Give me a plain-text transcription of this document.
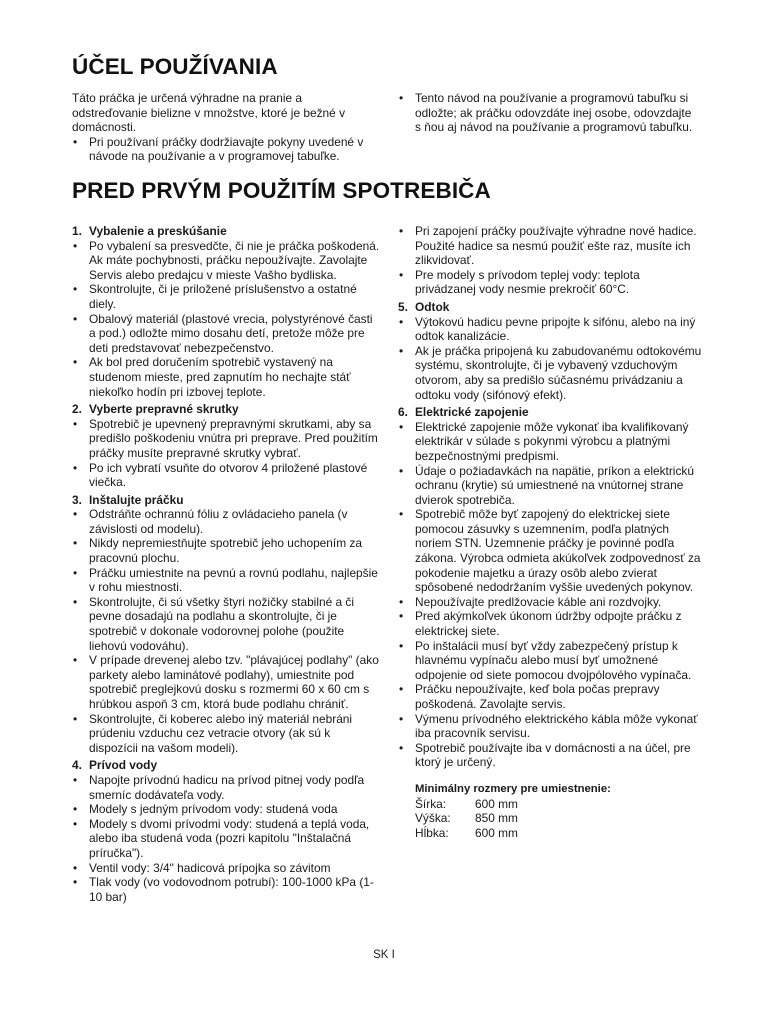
ÚČEL POUŽÍVANIA

Táto práčka je určená výhradne na pranie a odstreďovanie bielizne v množstve, ktoré je bežné v domácnosti.

• Pri používaní práčky dodržiavajte pokyny uvedené v návode na používanie a v programovej tabuľke.
• Tento návod na používanie a programovú tabuľku si odložte; ak práčku odovzdáte inej osobe, odovzdajte s ňou aj návod na používanie a programovú tabuľku.
PRED PRVÝM POUŽITÍM SPOTREBIČA
1. Vybalenie a preskúšanie
• Po vybalení sa presvedčte, či nie je práčka poškodená. Ak máte pochybnosti, práčku nepoužívajte. Zavolajte Servis alebo predajcu v mieste Vašho bydliska.
• Skontrolujte, či je priložené príslušenstvo a ostatné diely.
• Obalový materiál (plastové vrecia, polystyrénové časti a pod.) odložte mimo dosahu detí, pretože môže pre deti predstavovať nebezpečenstvo.
• Ak bol pred doručením spotrebič vystavený na studenom mieste, pred zapnutím ho nechajte stáť niekoľko hodín pri izbovej teplote.
2. Vyberte prepravné skrutky
• Spotrebič je upevnený prepravnými skrutkami, aby sa predišlo poškodeniu vnútra pri preprave. Pred použitím práčky musíte prepravné skrutky vybrať.
• Po ich vybratí vsuňte do otvorov 4 priložené plastové viečka.
3. Inštalujte práčku
• Odstráňte ochrannú fóliu z ovládacieho panela (v závislosti od modelu).
• Nikdy nepremiestňujte spotrebič jeho uchopením za pracovnú plochu.
• Práčku umiestnite na pevnú a rovnú podlahu, najlepšie v rohu miestnosti.
• Skontrolujte, či sú všetky štyri nožičky stabilné a či pevne dosadajú na podlahu a skontrolujte, či je spotrebič v dokonale vodorovnej polohe (použite liehovú vodováhu).
• V prípade drevenej alebo tzv. "plávajúcej podlahy" (ako parkety alebo laminátové podlahy), umiestnite pod spotrebič preglejkovú dosku s rozmermi 60 x 60 cm s hrúbkou aspoň 3 cm, ktorá bude podlahu chrániť.
• Skontrolujte, či koberec alebo iný materiál nebráni prúdeniu vzduchu cez vetracie otvory (ak sú k dispozícii na vašom modeli).
4. Prívod vody
• Napojte prívodnú hadicu na prívod pitnej vody podľa smerníc dodávateľa vody.
• Modely s jedným prívodom vody: studená voda
• Modely s dvomi prívodmi vody: studená a teplá voda, alebo iba studená voda (pozri kapitolu "Inštalačná príručka").
• Ventil vody: 3/4" hadicová prípojka so závitom
• Tlak vody (vo vodovodnom potrubí): 100-1000 kPa (1-10 bar)
• Pri zapojení práčky používajte výhradne nové hadice. Použité hadice sa nesmú použiť ešte raz, musíte ich zlikvidovať.
• Pre modely s prívodom teplej vody: teplota privádzanej vody nesmie prekročiť 60°C.
5. Odtok
• Výtokovú hadicu pevne pripojte k sifónu, alebo na iný odtok kanalizácie.
• Ak je práčka pripojená ku zabudovanému odtokovému systému, skontrolujte, či je vybavený vzduchovým otvorom, aby sa predišlo súčasnému privádzaniu a odtoku vody (sifónový efekt).
6. Elektrické zapojenie
• Elektrické zapojenie môže vykonať iba kvalifikovaný elektrikár v súlade s pokynmi výrobcu a platnými bezpečnostnými predpismi.
• Údaje o požiadavkách na napätie, príkon a elektrickú ochranu (krytie) sú umiestnené na vnútornej strane dvierok spotrebiča.
• Spotrebič môže byť zapojený do elektrickej siete pomocou zásuvky s uzemnením, podľa platných noriem STN. Uzemnenie práčky je povinné podľa zákona. Výrobca odmieta akúkoľvek zodpovednosť za pokodenie majetku a úrazy osôb alebo zvierat spôsobené nedodržaním vyššie uvedených pokynov.
• Nepoužívajte predlžovacie káble ani rozdvojky.
• Pred akýmkoľvek úkonom údržby odpojte práčku z elektrickej siete.
• Po inštalácii musí byť vždy zabezpečený prístup k hlavnému vypínaču alebo musí byť umožnené odpojenie od siete pomocou dvojpólového vypínača.
• Práčku nepoužívajte, keď bola počas prepravy poškodená. Zavolajte servis.
• Výmenu prívodného elektrického kábla môže vykonať iba pracovník servisu.
• Spotrebič používajte iba v domácnosti a na účel, pre ktorý je určený.
Minimálny rozmery pre umiestnenie:
Šírka:	600 mm
Výška:	850 mm
Hĺbka:	600 mm
SK I
